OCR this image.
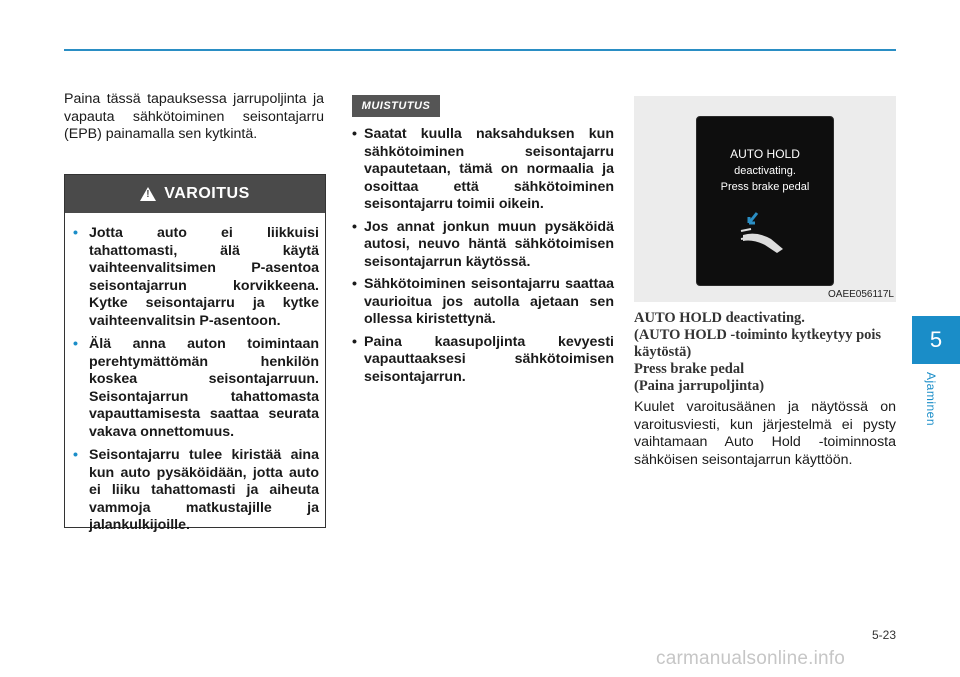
5
Ajaminen
Paina tässä tapauksessa jarrupoljinta ja vapauta sähkötoiminen seisontajarru (EPB) painamalla sen kytkintä.
!
VAROITUS
• Jotta auto ei liikkuisi tahattomasti, älä käytä vaihteenvalitsimen P-asentoa seisontajarrun korvikkeena. Kytke seisontajarru ja kytke vaihteenvalitsin P-asentoon.
• Älä anna auton toimintaan perehtymättömän henkilön koskea seisontajarruun. Seisontajarrun tahattomasta vapauttamisesta saattaa seurata vakava onnettomuus.
• Seisontajarru tulee kiristää aina kun auto pysäköidään, jotta auto ei liiku tahattomasti ja aiheuta vammoja matkustajille ja jalankulkijoille.
MUISTUTUS
• Saatat kuulla naksahduksen kun sähkötoiminen seisontajarru vapautetaan, tämä on normaalia ja osoittaa että sähkötoiminen seisontajarru toimii oikein.
• Jos annat jonkun muun pysäköidä autosi, neuvo häntä sähkötoimisen seisontajarrun käytössä.
• Sähkötoiminen seisontajarru saattaa vaurioitua jos autolla ajetaan sen ollessa kiristettynä.
• Paina kaasupoljinta kevyesti vapauttaaksesi sähkötoimisen seisontajarrun.
AUTO HOLD
deactivating.
Press brake pedal
OAEE056117L
AUTO HOLD deactivating.
(AUTO HOLD -toiminto kytkeytyy pois käytöstä)
Press brake pedal
(Paina jarrupoljinta)
Kuulet varoitusäänen ja näytössä on varoitusviesti, kun järjestelmä ei pysty vaihtamaan Auto Hold -toiminnosta sähköisen seisontajarrun käyttöön.
5-23
carmanualsonline.info
